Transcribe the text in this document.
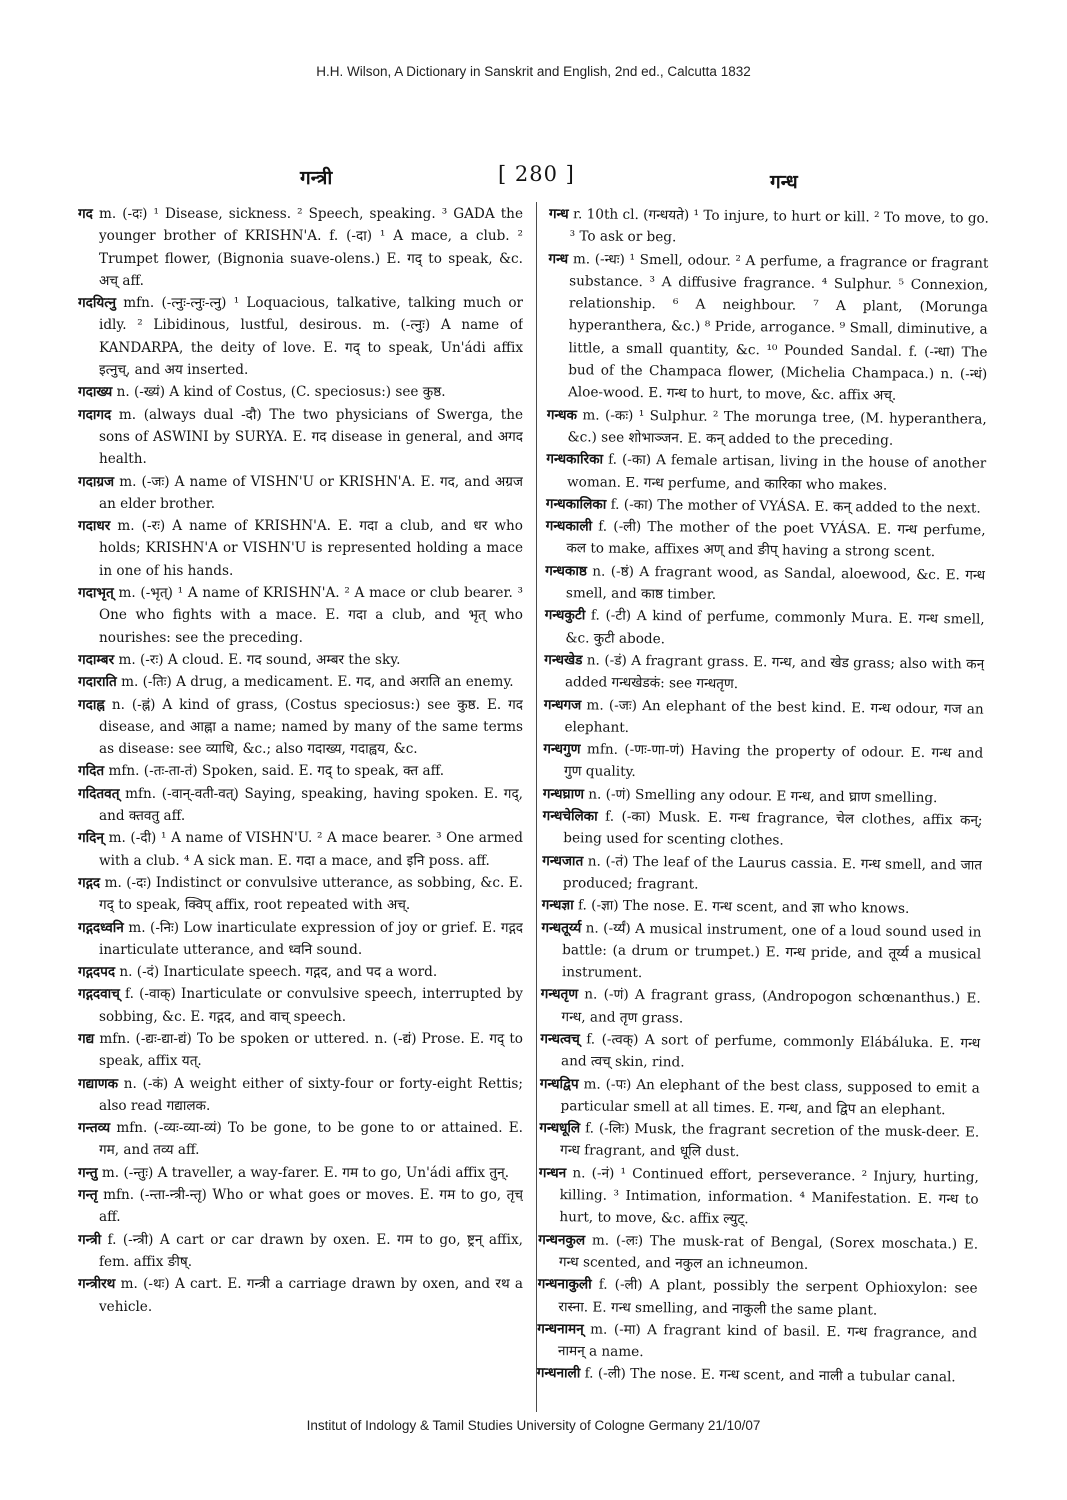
H.H. Wilson, A Dictionary in Sanskrit and English, 2nd ed., Calcutta 1832
गन्त्री	[ 280 ]	गन्ध

गद m. (-दः) ¹ Disease, sickness. ² Speech, speaking. ³ GADA the younger brother of KRISHN'A. f. (-दा) ¹ A mace, a club. ² Trumpet flower, (Bignonia suave-olens.) E. गद् to speak, &c. अच् aff.

गदयित्नु mfn. (-त्नुः-त्नुः-त्नु) ¹ Loquacious, talkative, talking much or idly. ² Libidinous, lustful, desirous. m. (-त्नुः) A name of KANDARPA, the deity of love. E. गद् to speak, Un'ádi affix इत्नुच्, and अय inserted.

गदाख्य n. (-ख्यं) A kind of Costus, (C. speciosus:) see कुष्ठ.

गदागद m. (always dual -दौ) The two physicians of Swerga, the sons of ASWINI by SURYA. E. गद disease in general, and अगद health.

गदाग्रज m. (-जः) A name of VISHN'U or KRISHN'A. E. गद, and अग्रज an elder brother.

गदाधर m. (-रः) A name of KRISHN'A. E. गदा a club, and धर who holds; KRISHN'A or VISHN'U is represented holding a mace in one of his hands.

गदाभृत् m. (-भृत्) ¹ A name of KRISHN'A. ² A mace or club bearer. ³ One who fights with a mace. E. गदा a club, and भृत् who nourishes: see the preceding.

गदाम्बर m. (-रः) A cloud. E. गद sound, अम्बर the sky.

गदाराति m. (-तिः) A drug, a medicament. E. गद, and अराति an enemy.

गदाह्न n. (-ह्नं) A kind of grass, (Costus speciosus:) see कुष्ठ. E. गद disease, and आह्ना a name; named by many of the same terms as disease: see व्याधि, &c.; also गदाख्य, गदाह्वय, &c.

गदित mfn. (-तः-ता-तं) Spoken, said. E. गद् to speak, क्त aff.

गदितवत् mfn. (-वान्-वती-वत्) Saying, speaking, having spoken. E. गद्, and क्तवतु aff.

गदिन् m. (-दी) ¹ A name of VISHN'U. ² A mace bearer. ³ One armed with a club. ⁴ A sick man. E. गदा a mace, and इनि poss. aff.

गद्गद m. (-दः) Indistinct or convulsive utterance, as sobbing, &c. E. गद् to speak, क्विप् affix, root repeated with अच्.

गद्गदध्वनि m. (-निः) Low inarticulate expression of joy or grief. E. गद्गद inarticulate utterance, and ध्वनि sound.

गद्गदपद n. (-दं) Inarticulate speech. गद्गद, and पद a word.

गद्गदवाच् f. (-वाक्) Inarticulate or convulsive speech, interrupted by sobbing, &c. E. गद्गद, and वाच् speech.

गद्य mfn. (-द्यः-द्या-द्यं) To be spoken or uttered. n. (-द्यं) Prose. E. गद् to speak, affix यत्.

गद्याणक n. (-कं) A weight either of sixty-four or forty-eight Rettis; also read गद्यालक.

गन्तव्य mfn. (-व्यः-व्या-व्यं) To be gone, to be gone to or attained. E. गम, and तव्य aff.

गन्तु m. (-न्तुः) A traveller, a way-farer. E. गम to go, Un'ádi affix तुन्.

गन्तृ mfn. (-न्ता-न्त्री-न्तृ) Who or what goes or moves. E. गम to go, तृच् aff.

गन्त्री f. (-न्त्री) A cart or car drawn by oxen. E. गम to go, ष्ट्रन् affix, fem. affix ङीष्.

गन्त्रीरथ m. (-थः) A cart. E. गन्त्री a carriage drawn by oxen, and रथ a vehicle.

गन्ध r. 10th cl. (गन्धयते) ¹ To injure, to hurt or kill. ² To move, to go. ³ To ask or beg.

गन्ध m. (-न्धः) ¹ Smell, odour. ² A perfume, a fragrance or fragrant substance. ³ A diffusive fragrance. ⁴ Sulphur. ⁵ Connexion, relationship. ⁶ A neighbour. ⁷ A plant, (Morunga hyperanthera, &c.) ⁸ Pride, arrogance. ⁹ Small, diminutive, a little, a small quantity, &c. ¹⁰ Pounded Sandal. f. (-न्धा) The bud of the Champaca flower, (Michelia Champaca.) n. (-न्धं) Aloe-wood. E. गन्ध to hurt, to move, &c. affix अच्.

गन्धक m. (-कः) ¹ Sulphur. ² The morunga tree, (M. hyperanthera, &c.) see शोभाञ्जन. E. कन् added to the preceding.

गन्धकारिका f. (-का) A female artisan, living in the house of another woman. E. गन्ध perfume, and कारिका who makes.

गन्धकालिका f. (-का) The mother of VYÁSA. E. कन् added to the next.

गन्धकाली f. (-ली) The mother of the poet VYÁSA. E. गन्ध perfume, कल to make, affixes अण् and ङीप् having a strong scent.

गन्धकाष्ठ n. (-ष्ठं) A fragrant wood, as Sandal, aloewood, &c. E. गन्ध smell, and काष्ठ timber.

गन्धकुटी f. (-टी) A kind of perfume, commonly Mura. E. गन्ध smell, &c. कुटी abode.

गन्धखेड n. (-डं) A fragrant grass. E. गन्ध, and खेड grass; also with कन् added गन्धखेडकं: see गन्धतृण.

गन्धगज m. (-जः) An elephant of the best kind. E. गन्ध odour, गज an elephant.

गन्धगुण mfn. (-णः-णा-णं) Having the property of odour. E. गन्ध and गुण quality.

गन्धघ्राण n. (-णं) Smelling any odour. E गन्ध, and घ्राण smelling.

गन्धचेलिका f. (-का) Musk. E. गन्ध fragrance, चेल clothes, affix कन्; being used for scenting clothes.

गन्धजात n. (-तं) The leaf of the Laurus cassia. E. गन्ध smell, and जात produced; fragrant.

गन्धज्ञा f. (-ज्ञा) The nose. E. गन्ध scent, and ज्ञा who knows.

गन्धतूर्य्य n. (-र्य्यं) A musical instrument, one of a loud sound used in battle: (a drum or trumpet.) E. गन्ध pride, and तूर्य्य a musical instrument.

गन्धतृण n. (-णं) A fragrant grass, (Andropogon schœnanthus.) E. गन्ध, and तृण grass.

गन्धत्वच् f. (-त्वक्) A sort of perfume, commonly Elábáluka. E. गन्ध and त्वच् skin, rind.

गन्धद्विप m. (-पः) An elephant of the best class, supposed to emit a particular smell at all times. E. गन्ध, and द्विप an elephant.

गन्धधूलि f. (-लिः) Musk, the fragrant secretion of the musk-deer. E. गन्ध fragrant, and धूलि dust.

गन्धन n. (-नं) ¹ Continued effort, perseverance. ² Injury, hurting, killing. ³ Intimation, information. ⁴ Manifestation. E. गन्ध to hurt, to move, &c. affix ल्युट्.

गन्धनकुल m. (-लः) The musk-rat of Bengal, (Sorex moschata.) E. गन्ध scented, and नकुल an ichneumon.

गन्धनाकुली f. (-ली) A plant, possibly the serpent Ophioxylon: see रास्ना. E. गन्ध smelling, and नाकुली the same plant.

गन्धनामन् m. (-मा) A fragrant kind of basil. E. गन्ध fragrance, and नामन् a name.

गन्धनाली f. (-ली) The nose. E. गन्ध scent, and नाली a tubular canal.

Institut of Indology & Tamil Studies University of Cologne Germany 21/10/07
